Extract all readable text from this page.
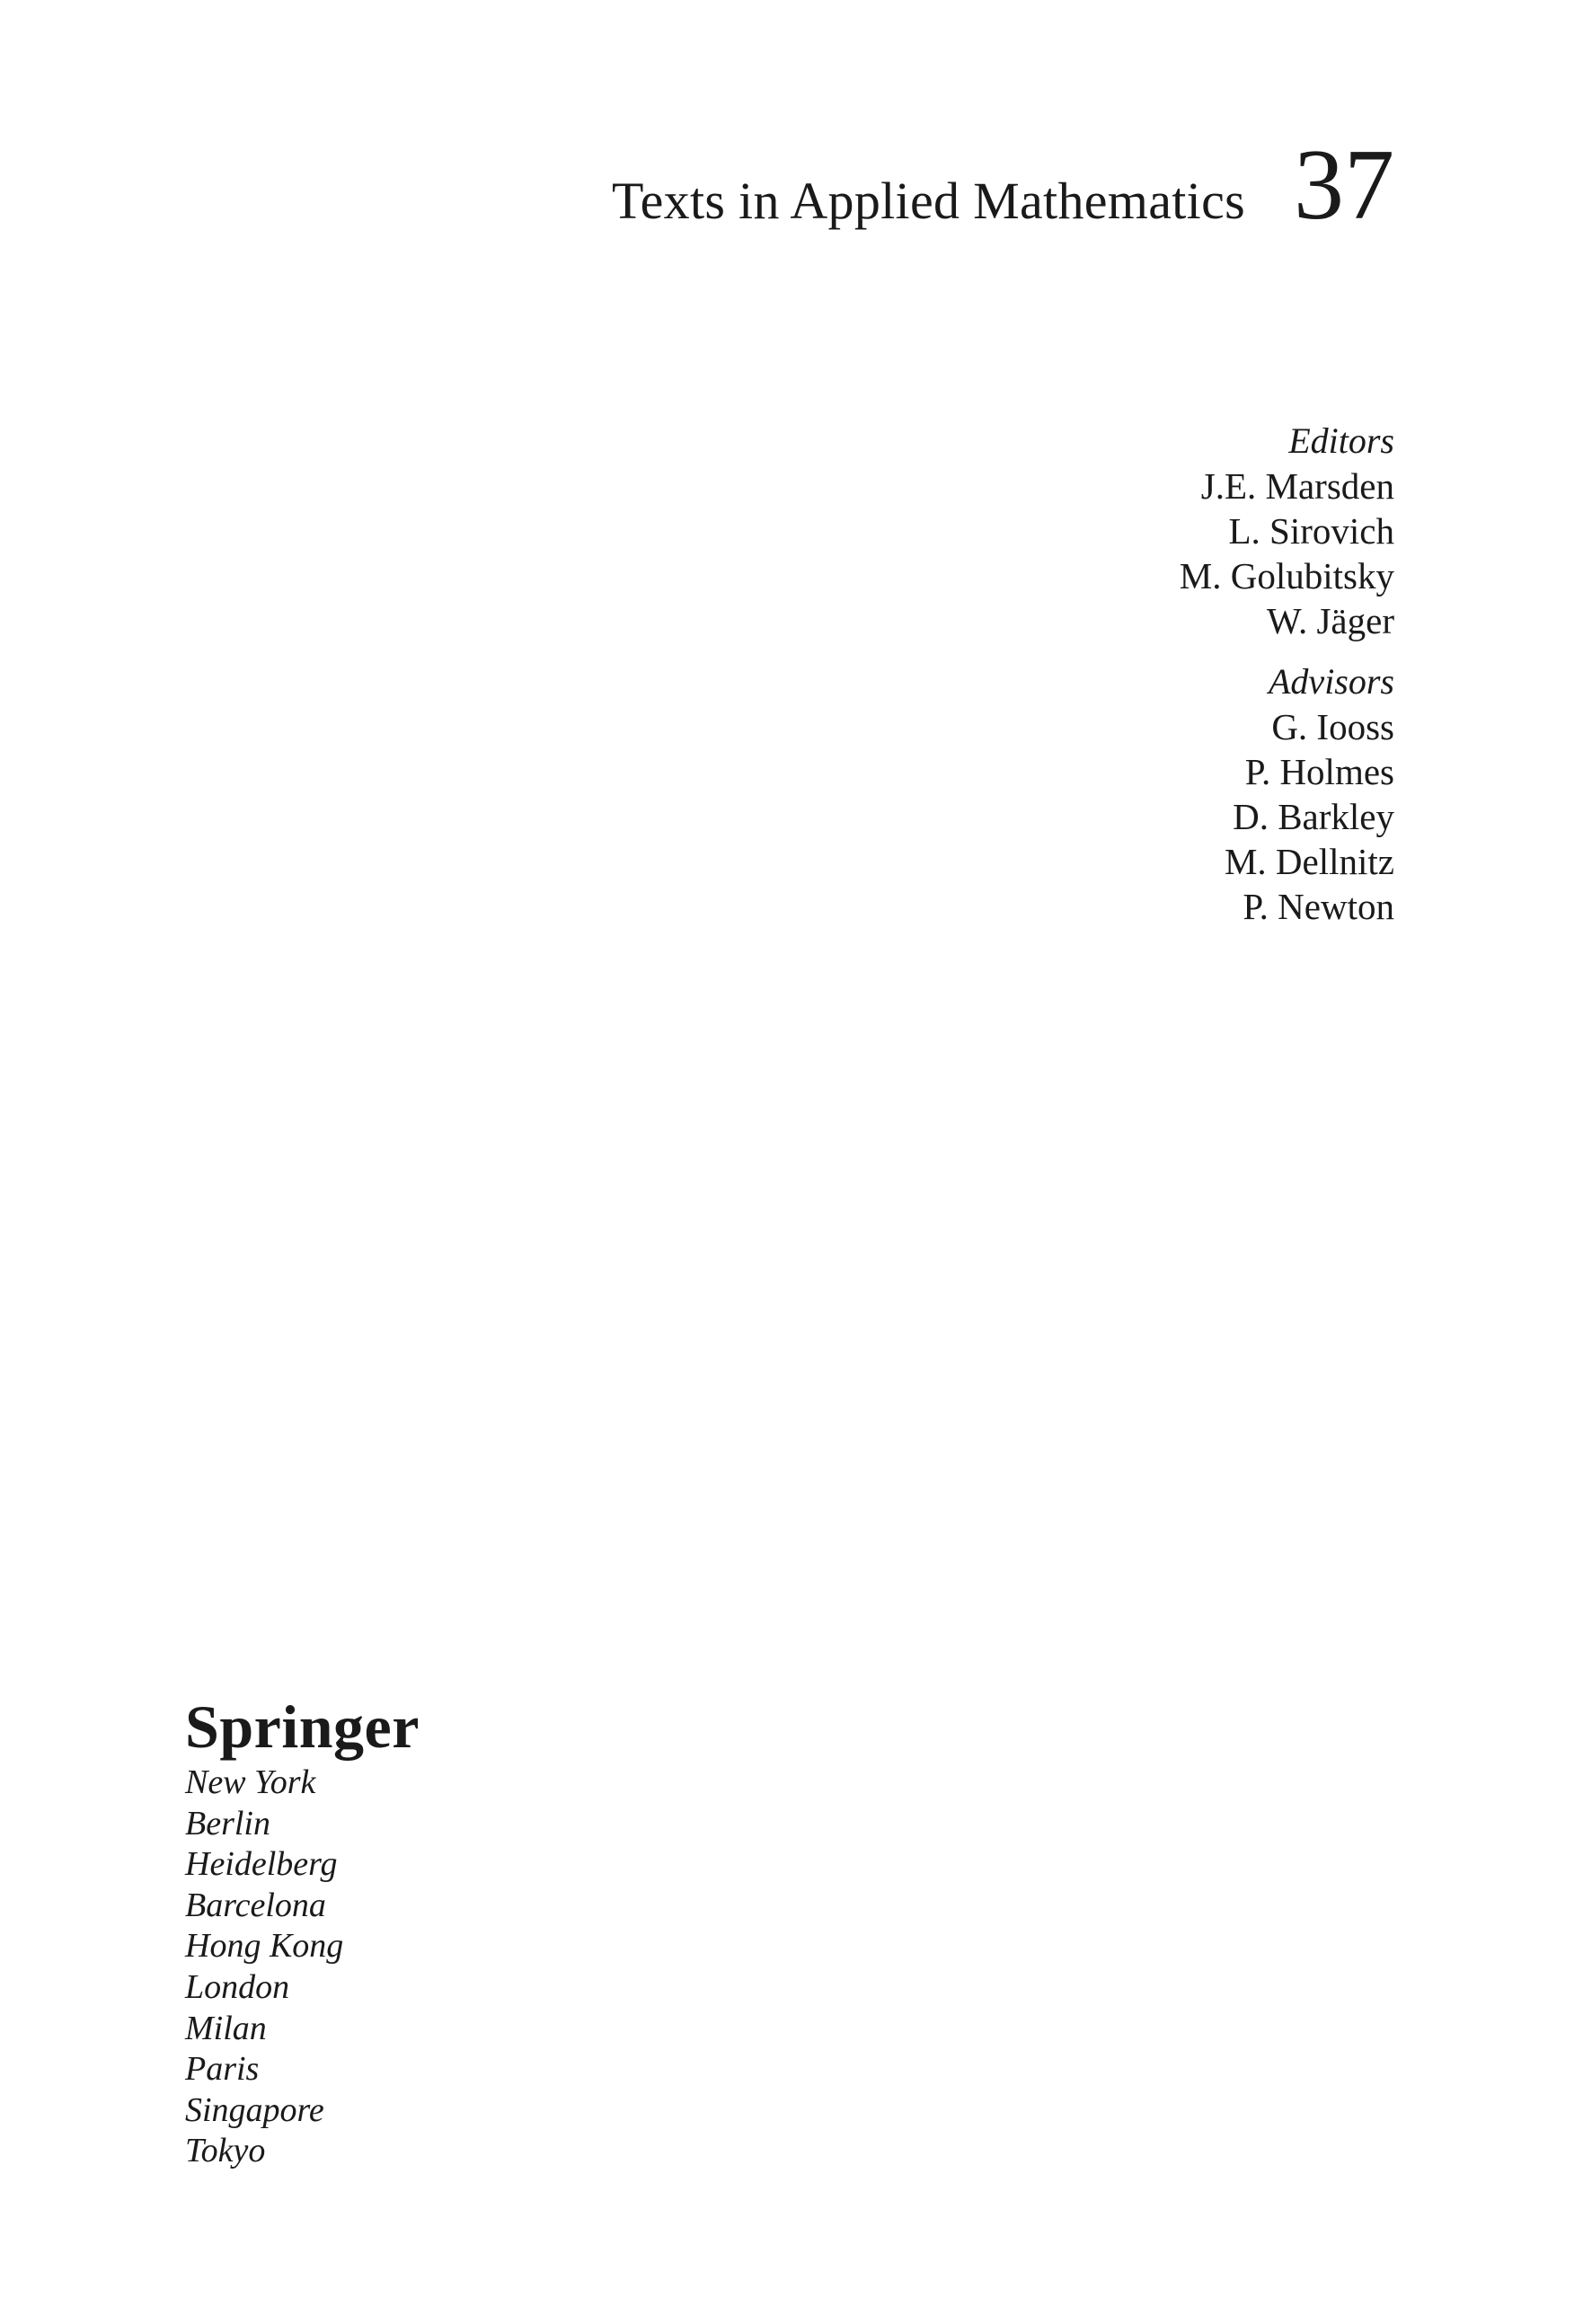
Texts in Applied Mathematics 37
Editors
J.E. Marsden
L. Sirovich
M. Golubitsky
W. Jäger
Advisors
G. Iooss
P. Holmes
D. Barkley
M. Dellnitz
P. Newton
Springer
New York
Berlin
Heidelberg
Barcelona
Hong Kong
London
Milan
Paris
Singapore
Tokyo
